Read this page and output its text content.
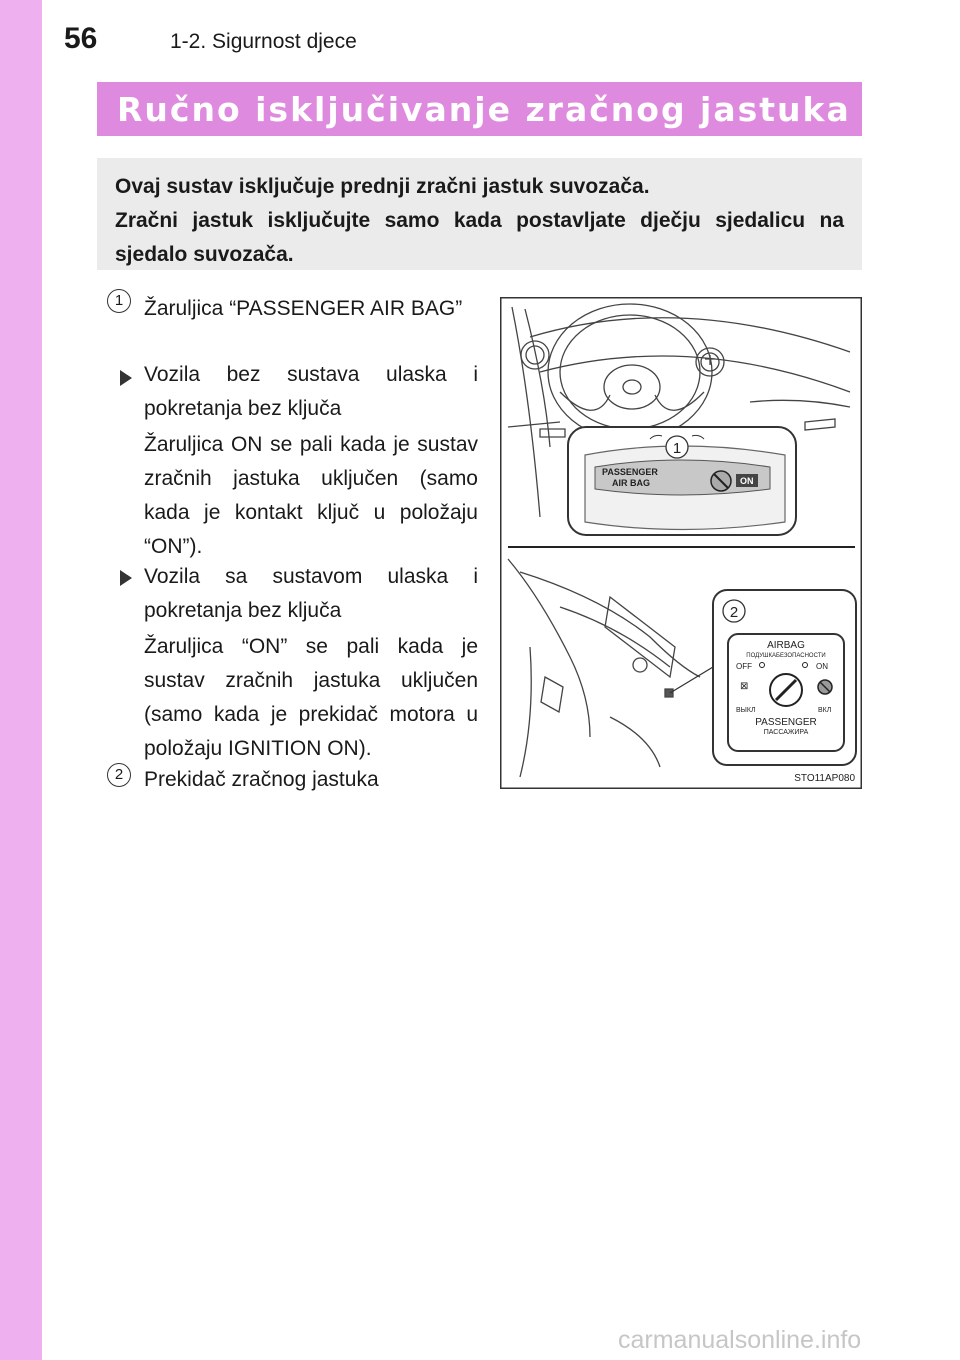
56	1-2. Sigurnost djece
Ručno isključivanje zračnog jastuka

Ovaj sustav isključuje prednji zračni jastuk suvozača.

Zračni jastuk isključujte samo kada postavljate dječju sjedalicu na sjedalo suvozača.

1 Žaruljica “PASSENGER AIR BAG”

Vozila bez sustava ulaska i pokretanja bez ključa

Žaruljica ON se pali kada je sustav zračnih jastuka uključen (samo kada je kontakt ključ u položaju “ON”).

Vozila sa sustavom ulaska i pokretanja bez ključa

Žaruljica “ON” se pali kada je sustav zračnih jastuka uključen (samo kada je prekidač motora u položaju IGNITION ON).

2 Prekidač zračnog jastuka

PASSENGER
AIR BAG	ON
1
2
AIRBAG
ПОДУШКАБЕЗОПАСНОСТИ
OFF	ON
⊠
ВЫКЛ	ВКЛ
PASSENGER
ПАССАЖИРА
STO11AP080
carmanualsonline.info
